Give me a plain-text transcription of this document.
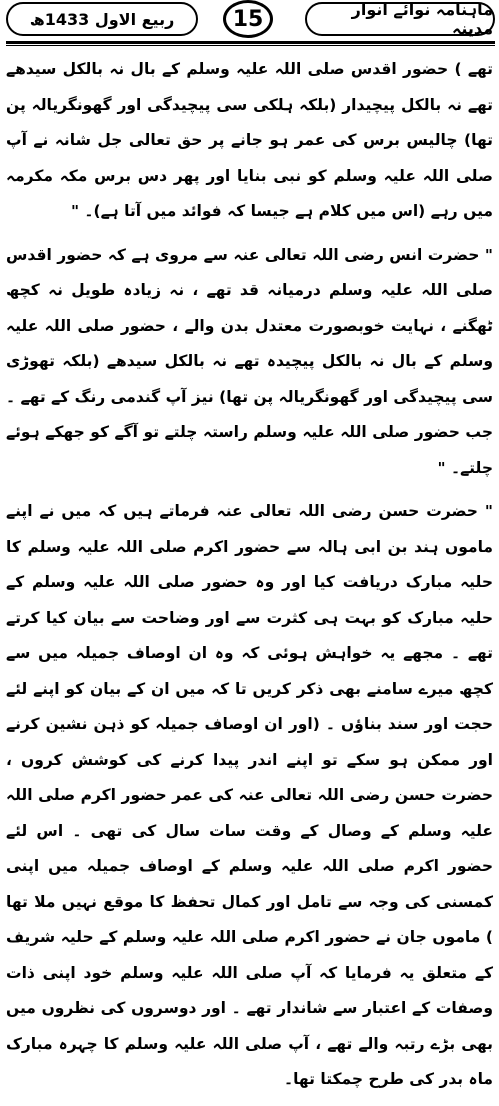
ربیع الاول 1433ھ	15	ماہنامہ نوائے انوار مدینہ

تھے ) حضور اقدس صلی اللہ علیہ وسلم کے بال نہ بالکل سیدھے تھے نہ بالکل پیچیدار (بلکہ ہلکی سی پیچیدگی اور گھونگریالہ پن تھا) چالیس برس کی عمر ہو جانے پر حق تعالی جل شانہ نے آپ صلی اللہ علیہ وسلم کو نبی بنایا اور پھر دس برس مکہ مکرمہ میں رہے (اس میں کلام ہے جیسا کہ فوائد میں آتا ہے)۔ "

" حضرت انس رضی اللہ تعالی عنہ سے مروی ہے کہ حضور اقدس صلی اللہ علیہ وسلم درمیانہ قد تھے ، نہ زیادہ طویل نہ کچھ ٹھگنے ، نہایت خوبصورت معتدل بدن والے ، حضور صلی اللہ علیہ وسلم کے بال نہ بالکل پیچیدہ تھے نہ بالکل سیدھے (بلکہ تھوڑی سی پیچیدگی اور گھونگریالہ پن تھا) نیز آپ گندمی رنگ کے تھے ۔ جب حضور صلی اللہ علیہ وسلم راستہ چلتے تو آگے کو جھکے ہوئے چلتے۔ "

" حضرت حسن رضی اللہ تعالی عنہ فرماتے ہیں کہ میں نے اپنے ماموں ہند بن ابی ہالہ سے حضور اکرم صلی اللہ علیہ وسلم کا حلیہ مبارک دریافت کیا اور وہ حضور صلی اللہ علیہ وسلم کے حلیہ مبارک کو بہت ہی کثرت سے اور وضاحت سے بیان کیا کرتے تھے ۔ مجھے یہ خواہش ہوئی کہ وہ ان اوصاف جمیلہ میں سے کچھ میرے سامنے بھی ذکر کریں تا کہ میں ان کے بیان کو اپنے لئے حجت اور سند بناؤں ۔ (اور ان اوصاف جمیلہ کو ذہن نشین کرنے اور ممکن ہو سکے تو اپنے اندر پیدا کرنے کی کوشش کروں ، حضرت حسن رضی اللہ تعالی عنہ کی عمر حضور اکرم صلی اللہ علیہ وسلم کے وصال کے وقت سات سال کی تھی ۔ اس لئے حضور اکرم صلی اللہ علیہ وسلم کے اوصاف جمیلہ میں اپنی کمسنی کی وجہ سے تامل اور کمال تحفظ کا موقع نہیں ملا تھا ) ماموں جان نے حضور اکرم صلی اللہ علیہ وسلم کے حلیہ شریف کے متعلق یہ فرمایا کہ آپ صلی اللہ علیہ وسلم خود اپنی ذات وصفات کے اعتبار سے شاندار تھے ۔ اور دوسروں کی نظروں میں بھی بڑے رتبہ والے تھے ، آپ صلی اللہ علیہ وسلم کا چہرہ مبارک ماہ بدر کی طرح چمکتا تھا۔
